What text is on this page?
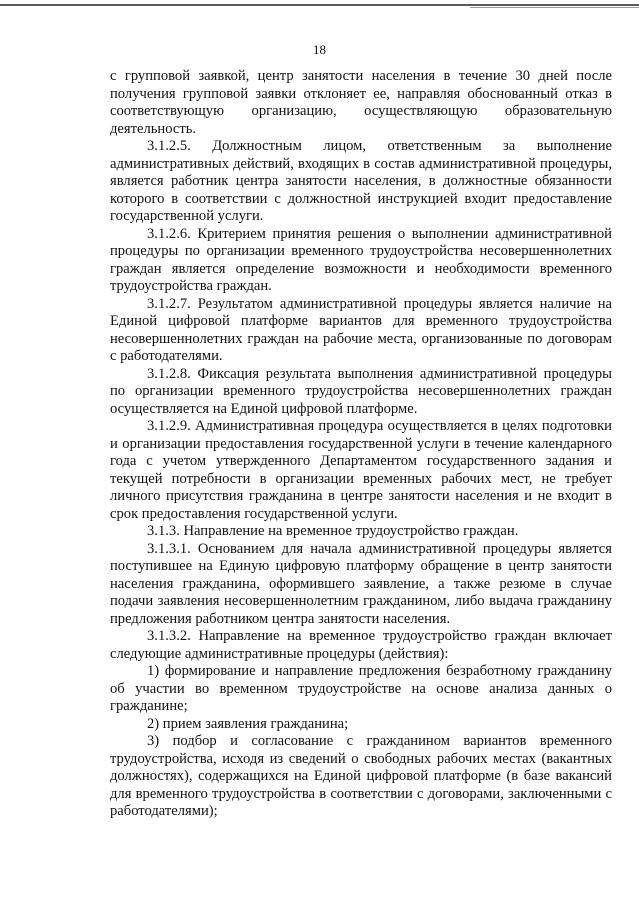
18

с групповой заявкой, центр занятости населения в течение 30 дней после получения групповой заявки отклоняет ее, направляя обоснованный отказ в соответствующую организацию, осуществляющую образовательную деятельность.

3.1.2.5. Должностным лицом, ответственным за выполнение административных действий, входящих в состав административной процедуры, является работник центра занятости населения, в должностные обязанности которого в соответствии с должностной инструкцией входит предоставление государственной услуги.

3.1.2.6. Критерием принятия решения о выполнении административной процедуры по организации временного трудоустройства несовершеннолетних граждан является определение возможности и необходимости временного трудоустройства граждан.

3.1.2.7. Результатом административной процедуры является наличие на Единой цифровой платформе вариантов для временного трудоустройства несовершеннолетних граждан на рабочие места, организованные по договорам с работодателями.

3.1.2.8. Фиксация результата выполнения административной процедуры по организации временного трудоустройства несовершеннолетних граждан осуществляется на Единой цифровой платформе.

3.1.2.9. Административная процедура осуществляется в целях подготовки и организации предоставления государственной услуги в течение календарного года с учетом утвержденного Департаментом государственного задания и текущей потребности в организации временных рабочих мест, не требует личного присутствия гражданина в центре занятости населения и не входит в срок предоставления государственной услуги.

3.1.3. Направление на временное трудоустройство граждан.

3.1.3.1. Основанием для начала административной процедуры является поступившее на Единую цифровую платформу обращение в центр занятости населения гражданина, оформившего заявление, а также резюме в случае подачи заявления несовершеннолетним гражданином, либо выдача гражданину предложения работником центра занятости населения.

3.1.3.2. Направление на временное трудоустройство граждан включает следующие административные процедуры (действия):

1) формирование и направление предложения безработному гражданину об участии во временном трудоустройстве на основе анализа данных о гражданине;

2) прием заявления гражданина;

3) подбор и согласование с гражданином вариантов временного трудоустройства, исходя из сведений о свободных рабочих местах (вакантных должностях), содержащихся на Единой цифровой платформе (в базе вакансий для временного трудоустройства в соответствии с договорами, заключенными с работодателями);
